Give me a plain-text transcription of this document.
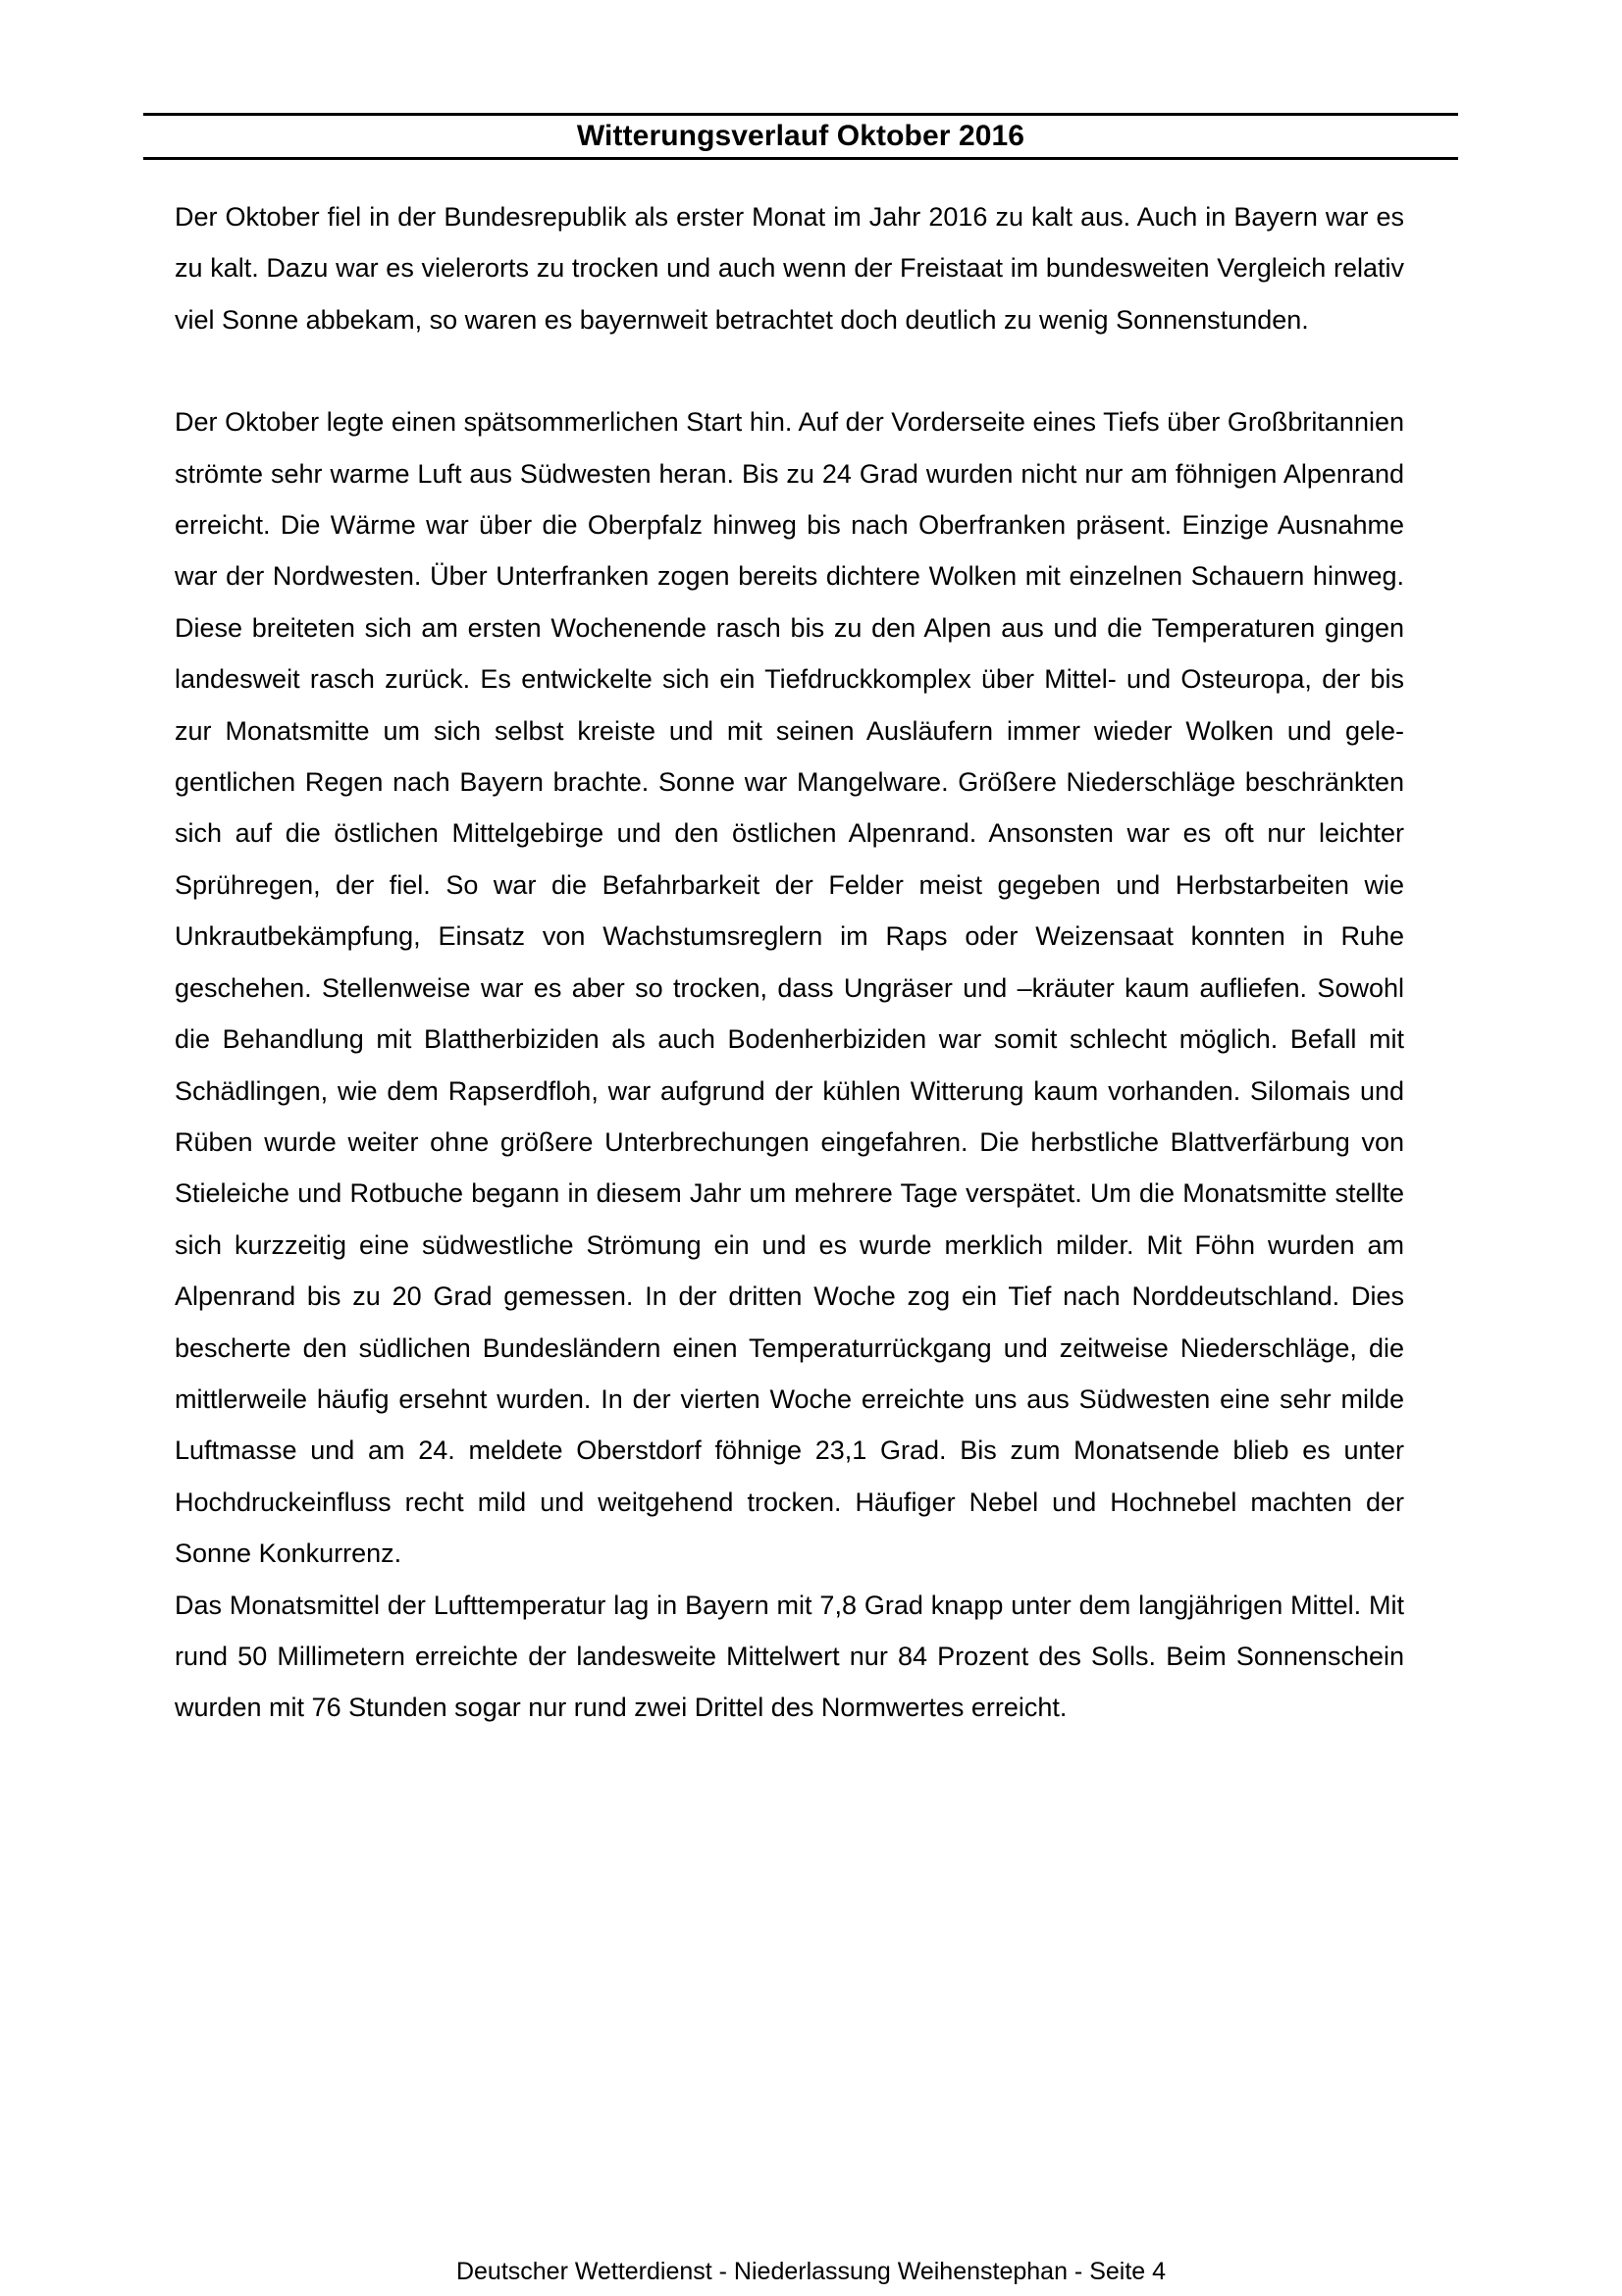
Witterungsverlauf Oktober 2016

Der Oktober fiel in der Bundesrepublik als erster Monat im Jahr 2016 zu kalt aus. Auch in Bayern war es zu kalt. Dazu war es vielerorts zu trocken und auch wenn der Freistaat im bundesweiten Vergleich relativ viel Sonne abbekam, so waren es bayernweit betrachtet doch deutlich zu wenig Sonnenstunden.

Der Oktober legte einen spätsommerlichen Start hin. Auf der Vorderseite eines Tiefs über Großbritannien strömte sehr warme Luft aus Südwesten heran. Bis zu 24 Grad wurden nicht nur am föhnigen Alpenrand erreicht. Die Wärme war über die Oberpfalz hinweg bis nach Oberfranken präsent. Einzige Ausnahme war der Nordwesten. Über Unterfranken zogen bereits dichtere Wolken mit einzelnen Schauern hinweg. Diese breiteten sich am ersten Wochenende rasch bis zu den Alpen aus und die Temperaturen gingen landesweit rasch zurück. Es entwickelte sich ein Tiefdruckkomplex über Mittel- und Osteuropa, der bis zur Monatsmitte um sich selbst kreiste und mit seinen Ausläufern immer wieder Wolken und gelegentlichen Regen nach Bayern brachte. Sonne war Mangelware. Größere Niederschläge beschränkten sich auf die östlichen Mittelgebirge und den östlichen Alpenrand. Ansonsten war es oft nur leichter Sprühregen, der fiel. So war die Befahrbarkeit der Felder meist gegeben und Herbstarbeiten wie Unkrautbekämpfung, Einsatz von Wachstumsreglern im Raps oder Weizensaat konnten in Ruhe geschehen. Stellenweise war es aber so trocken, dass Ungräser und –kräuter kaum aufliefen. Sowohl die Behandlung mit Blattherbiziden als auch Bodenherbiziden war somit schlecht möglich. Befall mit Schädlingen, wie dem Rapserdfloh, war aufgrund der kühlen Witterung kaum vorhanden. Silomais und Rüben wurde weiter ohne größere Unterbrechungen eingefahren. Die herbstliche Blattverfärbung von Stieleiche und Rotbuche begann in diesem Jahr um mehrere Tage verspätet. Um die Monatsmitte stellte sich kurzzeitig eine südwestliche Strömung ein und es wurde merklich milder. Mit Föhn wurden am Alpenrand bis zu 20 Grad gemessen. In der dritten Woche zog ein Tief nach Norddeutschland. Dies bescherte den südlichen Bundesländern einen Temperaturrückgang und zeitweise Niederschläge, die mittlerweile häufig ersehnt wurden. In der vierten Woche erreichte uns aus Südwesten eine sehr milde Luftmasse und am 24. meldete Oberstdorf föhnige 23,1 Grad. Bis zum Monatsende blieb es unter Hochdruckeinfluss recht mild und weitgehend trocken. Häufiger Nebel und Hochnebel machten der Sonne Konkurrenz.

Das Monatsmittel der Lufttemperatur lag in Bayern mit 7,8 Grad knapp unter dem langjährigen Mittel. Mit rund 50 Millimetern erreichte der landesweite Mittelwert nur 84 Prozent des Solls. Beim Sonnenschein wurden mit 76 Stunden sogar nur rund zwei Drittel des Normwertes erreicht.

Deutscher Wetterdienst - Niederlassung Weihenstephan - Seite 4
